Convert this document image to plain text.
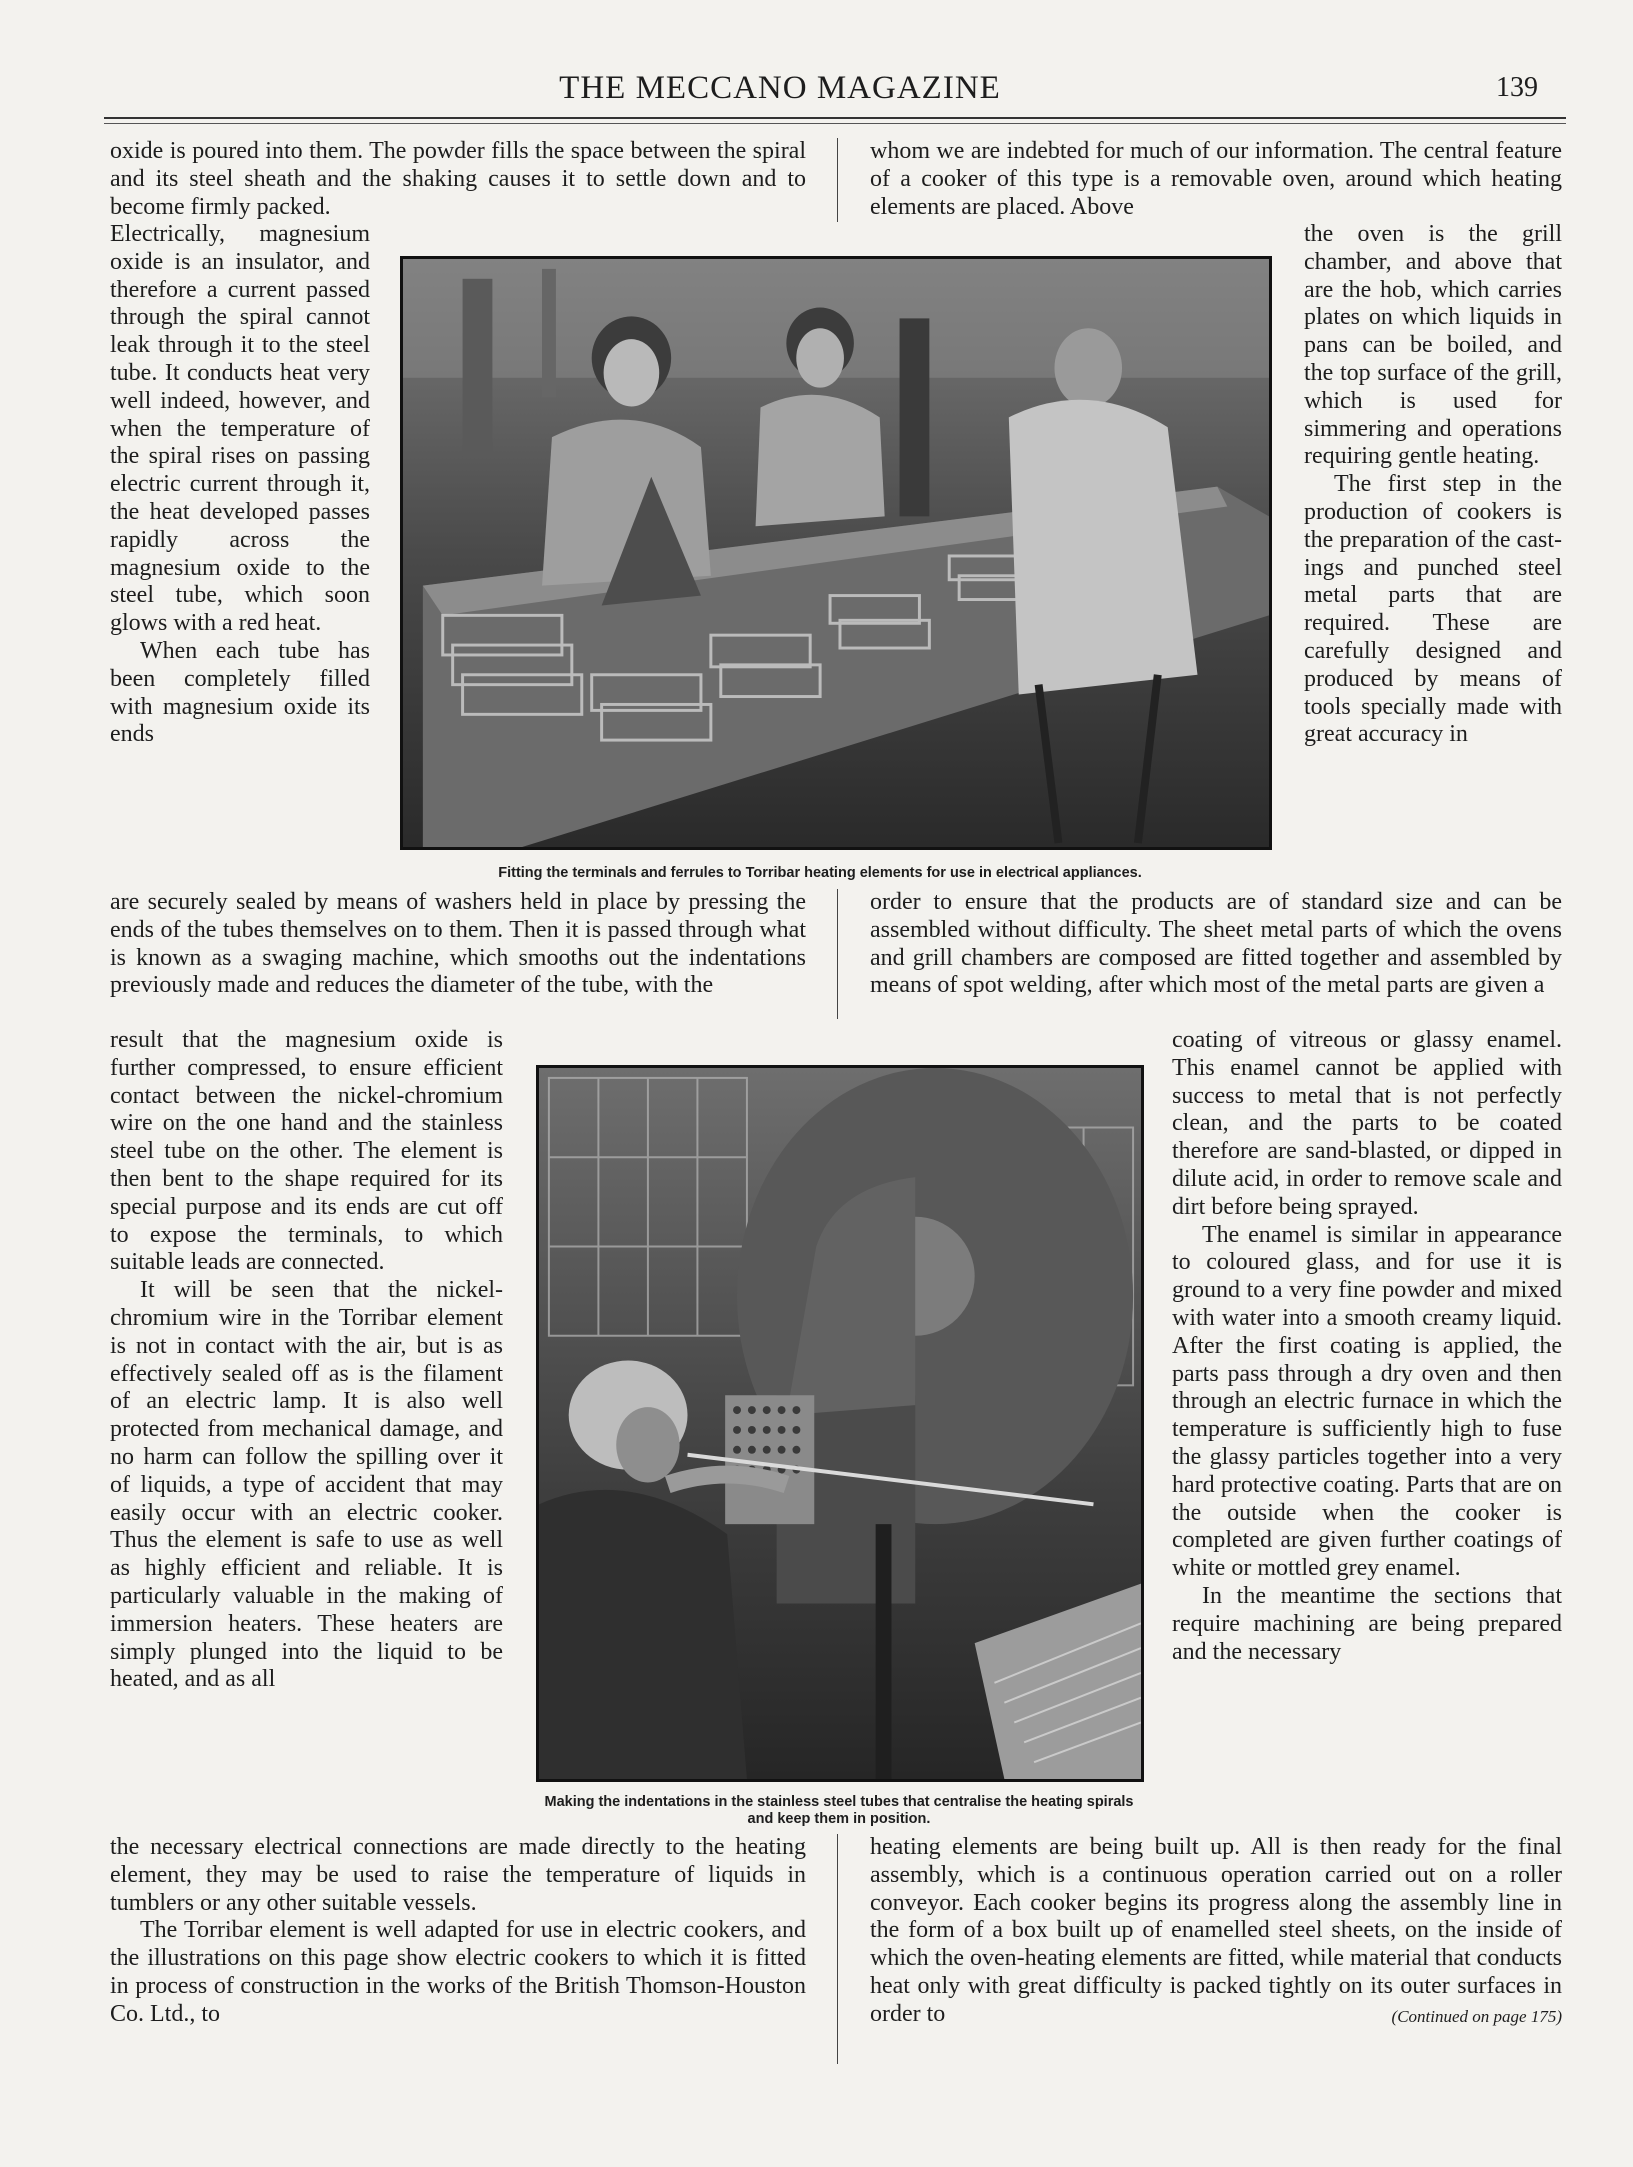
THE MECCANO MAGAZINE	139

oxide is poured into them. The powder fills the space between the spiral and its steel sheath and the shaking causes it to settle down and to become firmly packed.

Electrically, magnesium oxide is an insulator, and therefore a current passed through the spiral cannot leak through it to the steel tube. It conducts heat very well indeed, however, and when the temperature of the spiral rises on passing electric current through it, the heat developed passes rapidly across the magnesium oxide to the steel tube, which soon glows with a red heat.

When each tube has been completely filled with magnesium oxide its ends

are securely sealed by means of washers held in place by pressing the ends of the tubes themselves on to them. Then it is passed through what is known as a swaging machine, which smooths out the indentations previously made and reduces the diameter of the tube, with the

result that the magnesium oxide is further compressed, to ensure efficient contact between the nickel-chromium wire on the one hand and the stainless steel tube on the other. The element is then bent to the shape required for its special purpose and its ends are cut off to expose the terminals, to which suitable leads are connected.

It will be seen that the nickel-chromium wire in the Torribar element is not in contact with the air, but is as effectively sealed off as is the filament of an electric lamp. It is also well protected from mechanical damage, and no harm can follow the spilling over it of liquids, a type of accident that may easily occur with an electric cooker. Thus the element is safe to use as well as highly efficient and reliable. It is particularly valuable in the making of immersion heaters. These heaters are simply plunged into the liquid to be heated, and as all

the necessary electrical connections are made directly to the heating element, they may be used to raise the temperature of liquids in tumblers or any other suitable vessels.

The Torribar element is well adapted for use in electric cookers, and the illustrations on this page show electric cookers to which it is fitted in process of construction in the works of the British Thomson-Houston Co. Ltd., to

whom we are indebted for much of our information. The central feature of a cooker of this type is a removable oven, around which heating elements are placed. Above

the oven is the grill chamber, and above that are the hob, which carries plates on which liquids in pans can be boiled, and the top surface of the grill, which is used for simmering and operations requiring gentle heating.

The first step in the production of cookers is the preparation of the castings and punched steel metal parts that are required. These are carefully designed and produced by means of tools specially made with great accuracy in

order to ensure that the products are of standard size and can be assembled without difficulty. The sheet metal parts of which the ovens and grill chambers are composed are fitted together and assembled by means of spot welding, after which most of the metal parts are given a

coating of vitreous or glassy enamel. This enamel cannot be applied with success to metal that is not perfectly clean, and the parts to be coated therefore are sand-blasted, or dipped in dilute acid, in order to remove scale and dirt before being sprayed.

The enamel is similar in appearance to coloured glass, and for use it is ground to a very fine powder and mixed with water into a smooth creamy liquid. After the first coating is applied, the parts pass through a dry oven and then through an electric furnace in which the temperature is sufficiently high to fuse the glassy particles together into a very hard protective coating. Parts that are on the outside when the cooker is completed are given further coatings of white or mottled grey enamel.

In the meantime the sections that require machining are being prepared and the necessary

heating elements are being built up. All is then ready for the final assembly, which is a continuous operation carried out on a roller conveyor. Each cooker begins its progress along the assembly line in the form of a box built up of enamelled steel sheets, on the inside of which the oven-heating elements are fitted, while material that conducts heat only with great difficulty is packed tightly on its outer surfaces in order to	(Continued on page 175)
Fitting the terminals and ferrules to Torribar heating elements for use in electrical appliances.
Making the indentations in the stainless steel tubes that centralise the heating spirals and keep them in position.
